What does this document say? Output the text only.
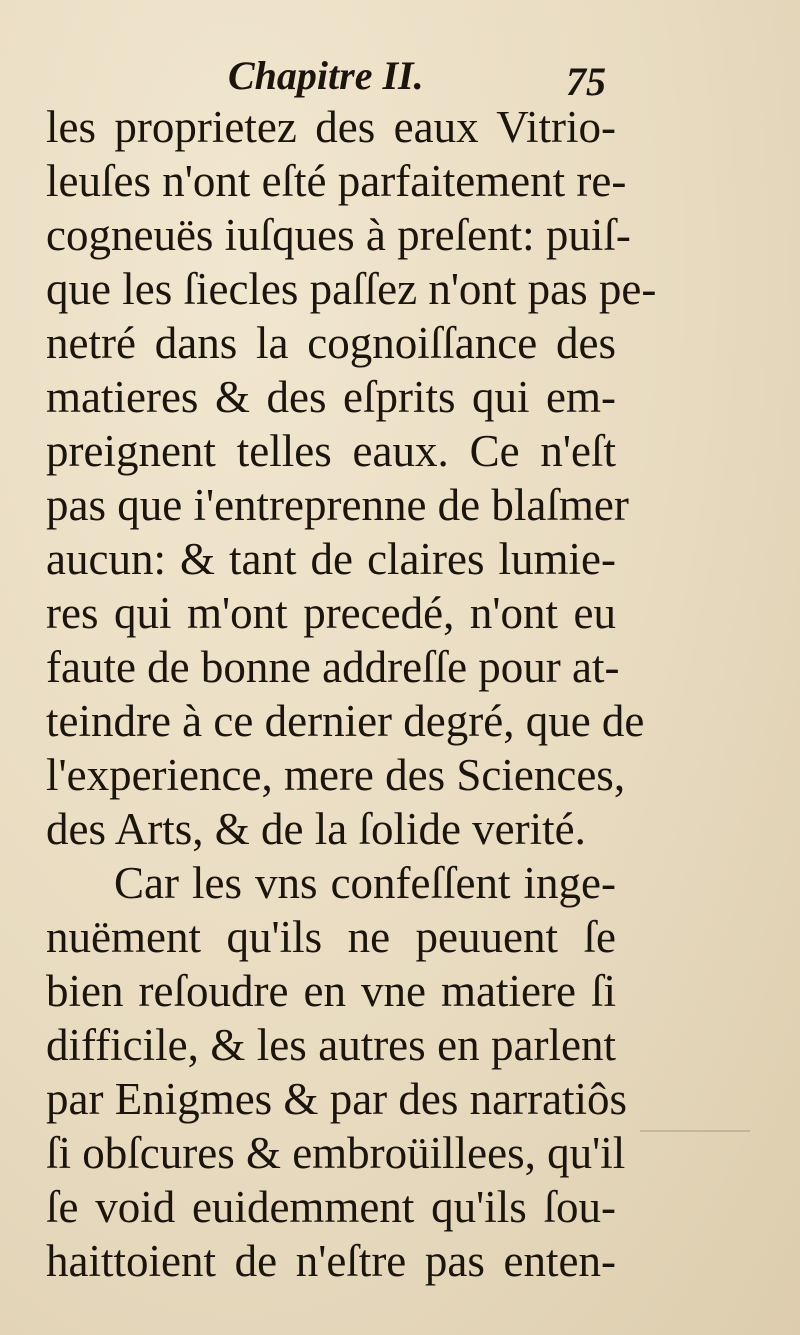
Chapitre II.	75
les proprietez des eaux Vitrio-
leuſes n'ont eſté parfaitement re-
cogneuës iuſques à preſent: puiſ-
que les ſiecles paſſez n'ont pas pe-
netré dans la cognoiſſance des
matieres & des eſprits qui em-
preignent telles eaux. Ce n'eſt
pas que i'entreprenne de blaſmer
aucun: & tant de claires lumie-
res qui m'ont precedé, n'ont eu
faute de bonne addreſſe pour at-
teindre à ce dernier degré, que de
l'experience, mere des Sciences,
des Arts, & de la ſolide verité.
Car les vns confeſſent inge-
nuëment qu'ils ne peuuent ſe
bien reſoudre en vne matiere ſi
difficile, & les autres en parlent
par Enigmes & par des narratiôs
ſi obſcures & embroüillees, qu'il
ſe void euidemment qu'ils ſou-
haittoient de n'eſtre pas enten-
